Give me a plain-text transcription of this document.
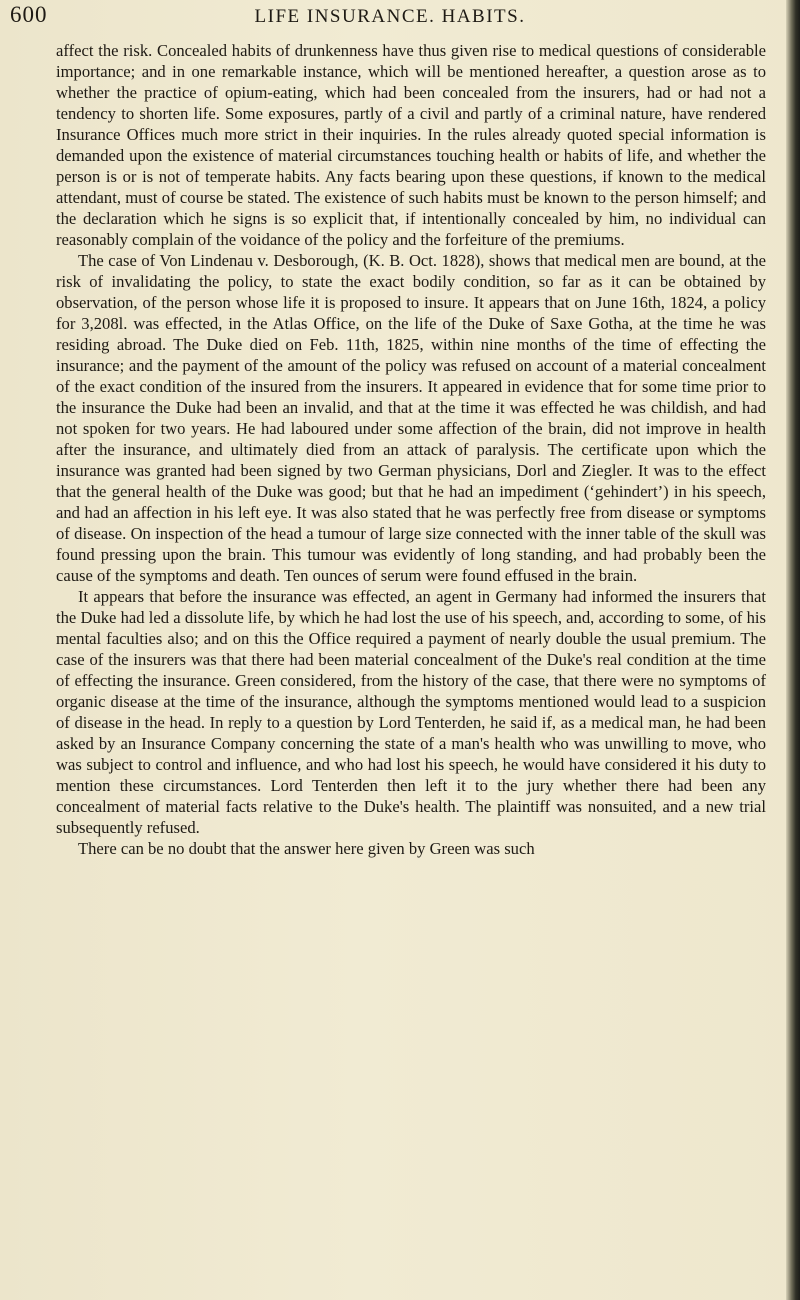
600	LIFE INSURANCE. HABITS.

affect the risk. Concealed habits of drunkenness have thus given rise to medical questions of considerable importance; and in one remarkable instance, which will be mentioned hereafter, a question arose as to whether the practice of opium-eating, which had been concealed from the insurers, had or had not a tendency to shorten life. Some exposures, partly of a civil and partly of a criminal nature, have rendered Insurance Offices much more strict in their inquiries. In the rules already quoted special information is demanded upon the existence of material circumstances touching health or habits of life, and whether the person is or is not of temperate habits. Any facts bearing upon these questions, if known to the medical attendant, must of course be stated. The existence of such habits must be known to the person himself; and the declaration which he signs is so explicit that, if intentionally concealed by him, no individual can reasonably complain of the voidance of the policy and the forfeiture of the premiums.

The case of Von Lindenau v. Desborough, (K. B. Oct. 1828), shows that medical men are bound, at the risk of invalidating the policy, to state the exact bodily condition, so far as it can be obtained by observation, of the person whose life it is proposed to insure. It appears that on June 16th, 1824, a policy for 3,208l. was effected, in the Atlas Office, on the life of the Duke of Saxe Gotha, at the time he was residing abroad. The Duke died on Feb. 11th, 1825, within nine months of the time of effecting the insurance; and the payment of the amount of the policy was refused on account of a material concealment of the exact condition of the insured from the insurers. It appeared in evidence that for some time prior to the insurance the Duke had been an invalid, and that at the time it was effected he was childish, and had not spoken for two years. He had laboured under some affection of the brain, did not improve in health after the insurance, and ultimately died from an attack of paralysis. The certificate upon which the insurance was granted had been signed by two German physicians, Dorl and Ziegler. It was to the effect that the general health of the Duke was good; but that he had an impediment (‘gehindert’) in his speech, and had an affection in his left eye. It was also stated that he was perfectly free from disease or symptoms of disease. On inspection of the head a tumour of large size connected with the inner table of the skull was found pressing upon the brain. This tumour was evidently of long standing, and had probably been the cause of the symptoms and death. Ten ounces of serum were found effused in the brain.

It appears that before the insurance was effected, an agent in Germany had informed the insurers that the Duke had led a dissolute life, by which he had lost the use of his speech, and, according to some, of his mental faculties also; and on this the Office required a payment of nearly double the usual premium. The case of the insurers was that there had been material concealment of the Duke's real condition at the time of effecting the insurance. Green considered, from the history of the case, that there were no symptoms of organic disease at the time of the insurance, although the symptoms mentioned would lead to a suspicion of disease in the head. In reply to a question by Lord Tenterden, he said if, as a medical man, he had been asked by an Insurance Company concerning the state of a man's health who was unwilling to move, who was subject to control and influence, and who had lost his speech, he would have considered it his duty to mention these circumstances. Lord Tenterden then left it to the jury whether there had been any concealment of material facts relative to the Duke's health. The plaintiff was nonsuited, and a new trial subsequently refused.

There can be no doubt that the answer here given by Green was such
